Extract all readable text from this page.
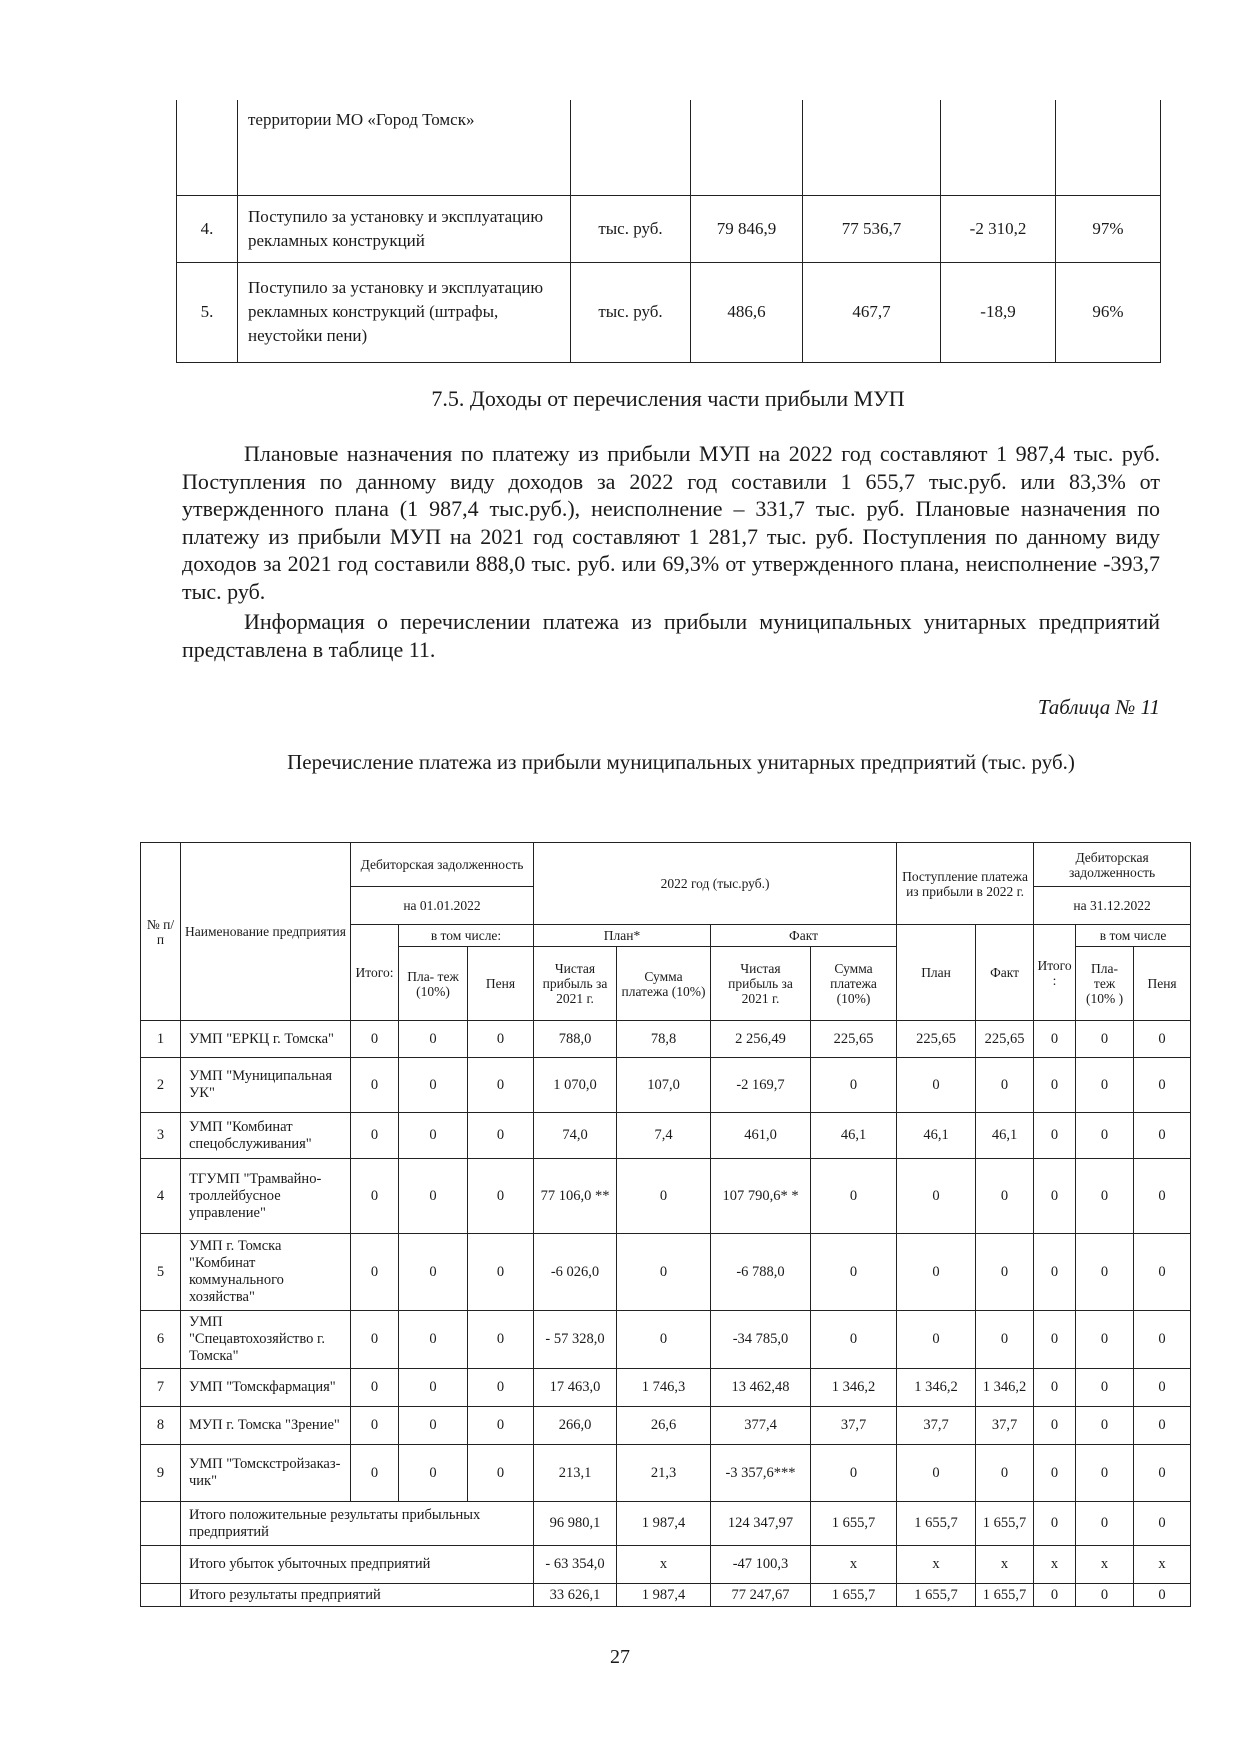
	территории МО «Город Томск»					
4.	Поступило за установку и эксплуатацию рекламных конструкций	тыс. руб.	79 846,9	77 536,7	-2 310,2	97%
5.	Поступило за установку и эксплуатацию рекламных конструкций (штрафы, неустойки пени)	тыс. руб.	486,6	467,7	-18,9	96%
7.5. Доходы от перечисления части прибыли МУП
Плановые назначения по платежу из прибыли МУП на 2022 год составляют 1 987,4 тыс. руб. Поступления по данному виду доходов за 2022 год составили 1 655,7 тыс.руб. или 83,3% от утвержденного плана (1 987,4 тыс.руб.), неисполнение – 331,7 тыс. руб. Плановые назначения по платежу из прибыли МУП на 2021 год составляют 1 281,7 тыс. руб. Поступления по данному виду доходов за 2021 год составили 888,0 тыс. руб. или 69,3% от утвержденного плана, неисполнение -393,7 тыс. руб.
Информация о перечислении платежа из прибыли муниципальных унитарных предприятий представлена в таблице 11.
Таблица № 11
Перечисление платежа из прибыли муниципальных унитарных предприятий (тыс. руб.)
№ п/ п	Наименование предприятия	Дебиторская задолженность			2022 год (тыс.руб.)				Поступление платежа из прибыли в 2022 г.		Дебиторская задолженность		
		на 01.01.2022									на 31.12.2022		
		Итого:	в том числе:		План*		Факт		План	Факт	Итого :	в том числе	
			Пла- теж (10%)	Пеня	Чистая прибыль за 2021 г.	Сумма платежа (10%)	Чистая прибыль за 2021 г.	Сумма платежа (10%)				Пла- теж (10% )	Пеня
1	УМП "ЕРКЦ г. Томска"	0	0	0	788,0	78,8	2 256,49	225,65	225,65	225,65	0	0	0
2	УМП "Муниципальная УК"	0	0	0	1 070,0	107,0	-2 169,7	0	0	0	0	0	0
3	УМП "Комбинат спецобслуживания"	0	0	0	74,0	7,4	461,0	46,1	46,1	46,1	0	0	0
4	ТГУМП "Трамвайно-троллейбусное управление"	0	0	0	77 106,0 **	0	107 790,6* *	0	0	0	0	0	0
5	УМП г. Томска "Комбинат коммунального хозяйства"	0	0	0	-6 026,0	0	-6 788,0	0	0	0	0	0	0
6	УМП "Спецавтохозяйство г. Томска"	0	0	0	- 57 328,0	0	-34 785,0	0	0	0	0	0	0
7	УМП "Томскфармация"	0	0	0	17 463,0	1 746,3	13 462,48	1 346,2	1 346,2	1 346,2	0	0	0
8	МУП г. Томска "Зрение"	0	0	0	266,0	26,6	377,4	37,7	37,7	37,7	0	0	0
9	УМП "Томскстройзаказ-чик"	0	0	0	213,1	21,3	-3 357,6***	0	0	0	0	0	0
	Итого положительные результаты прибыльных предприятий				96 980,1	1 987,4	124 347,97	1 655,7	1 655,7	1 655,7	0	0	0
	Итого убыток убыточных предприятий				- 63 354,0	x	-47 100,3	x	x	x	x	x	x
	Итого результаты предприятий				33 626,1	1 987,4	77 247,67	1 655,7	1 655,7	1 655,7	0	0	0
27
